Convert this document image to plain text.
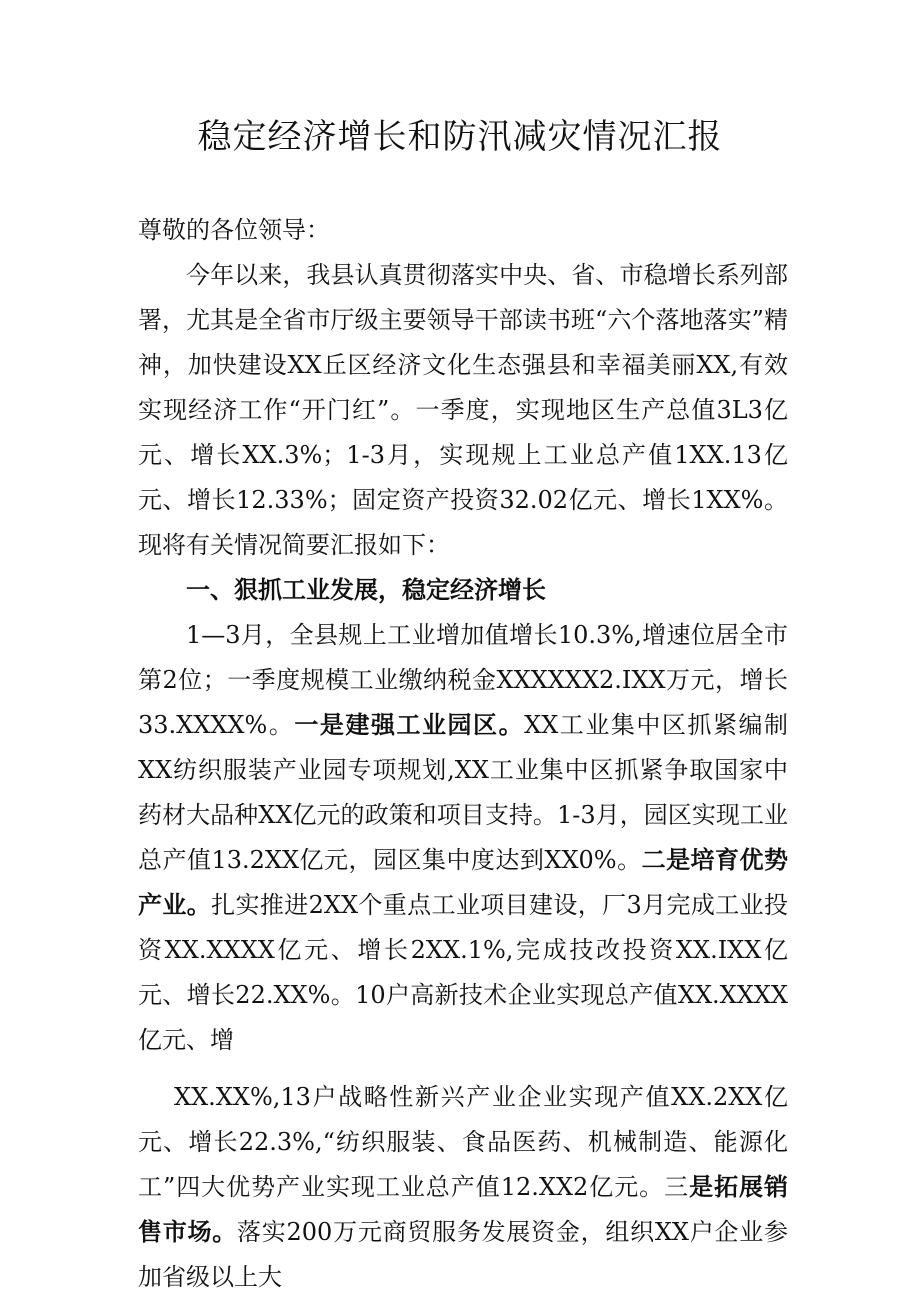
稳定经济增长和防汛减灾情况汇报

尊敬的各位领导：

今年以来，我县认真贯彻落实中央、省、市稳增长系列部署，尤其是全省市厅级主要领导干部读书班“六个落地落实”精神，加快建设XX丘区经济文化生态强县和幸福美丽XX,有效实现经济工作“开门红”。一季度，实现地区生产总值3L3亿元、增长XX.3%；1-3月，实现规上工业总产值1XX.13亿元、增长12.33%；固定资产投资32.02亿元、增长1XX%。现将有关情况简要汇报如下：

一、狠抓工业发展，稳定经济增长

1—3月，全县规上工业增加值增长10.3%,增速位居全市第2位；一季度规模工业缴纳税金XXXXXX2.IXX万元，增长33.XXXX%。一是建强工业园区。XX工业集中区抓紧编制XX纺织服装产业园专项规划,XX工业集中区抓紧争取国家中药材大品种XX亿元的政策和项目支持。1-3月，园区实现工业总产值13.2XX亿元，园区集中度达到XX0%。二是培育优势产业。扎实推进2XX个重点工业项目建设，厂3月完成工业投资XX.XXXX亿元、增长2XX.1%,完成技改投资XX.IXX亿元、增长22.XX%。10户高新技术企业实现总产值XX.XXXX亿元、增

XX.XX%,13户战略性新兴产业企业实现产值XX.2XX亿元、增长22.3%,“纺织服装、食品医药、机械制造、能源化工”四大优势产业实现工业总产值12.XX2亿元。三是拓展销售市场。落实200万元商贸服务发展资金，组织XX户企业参加省级以上大
